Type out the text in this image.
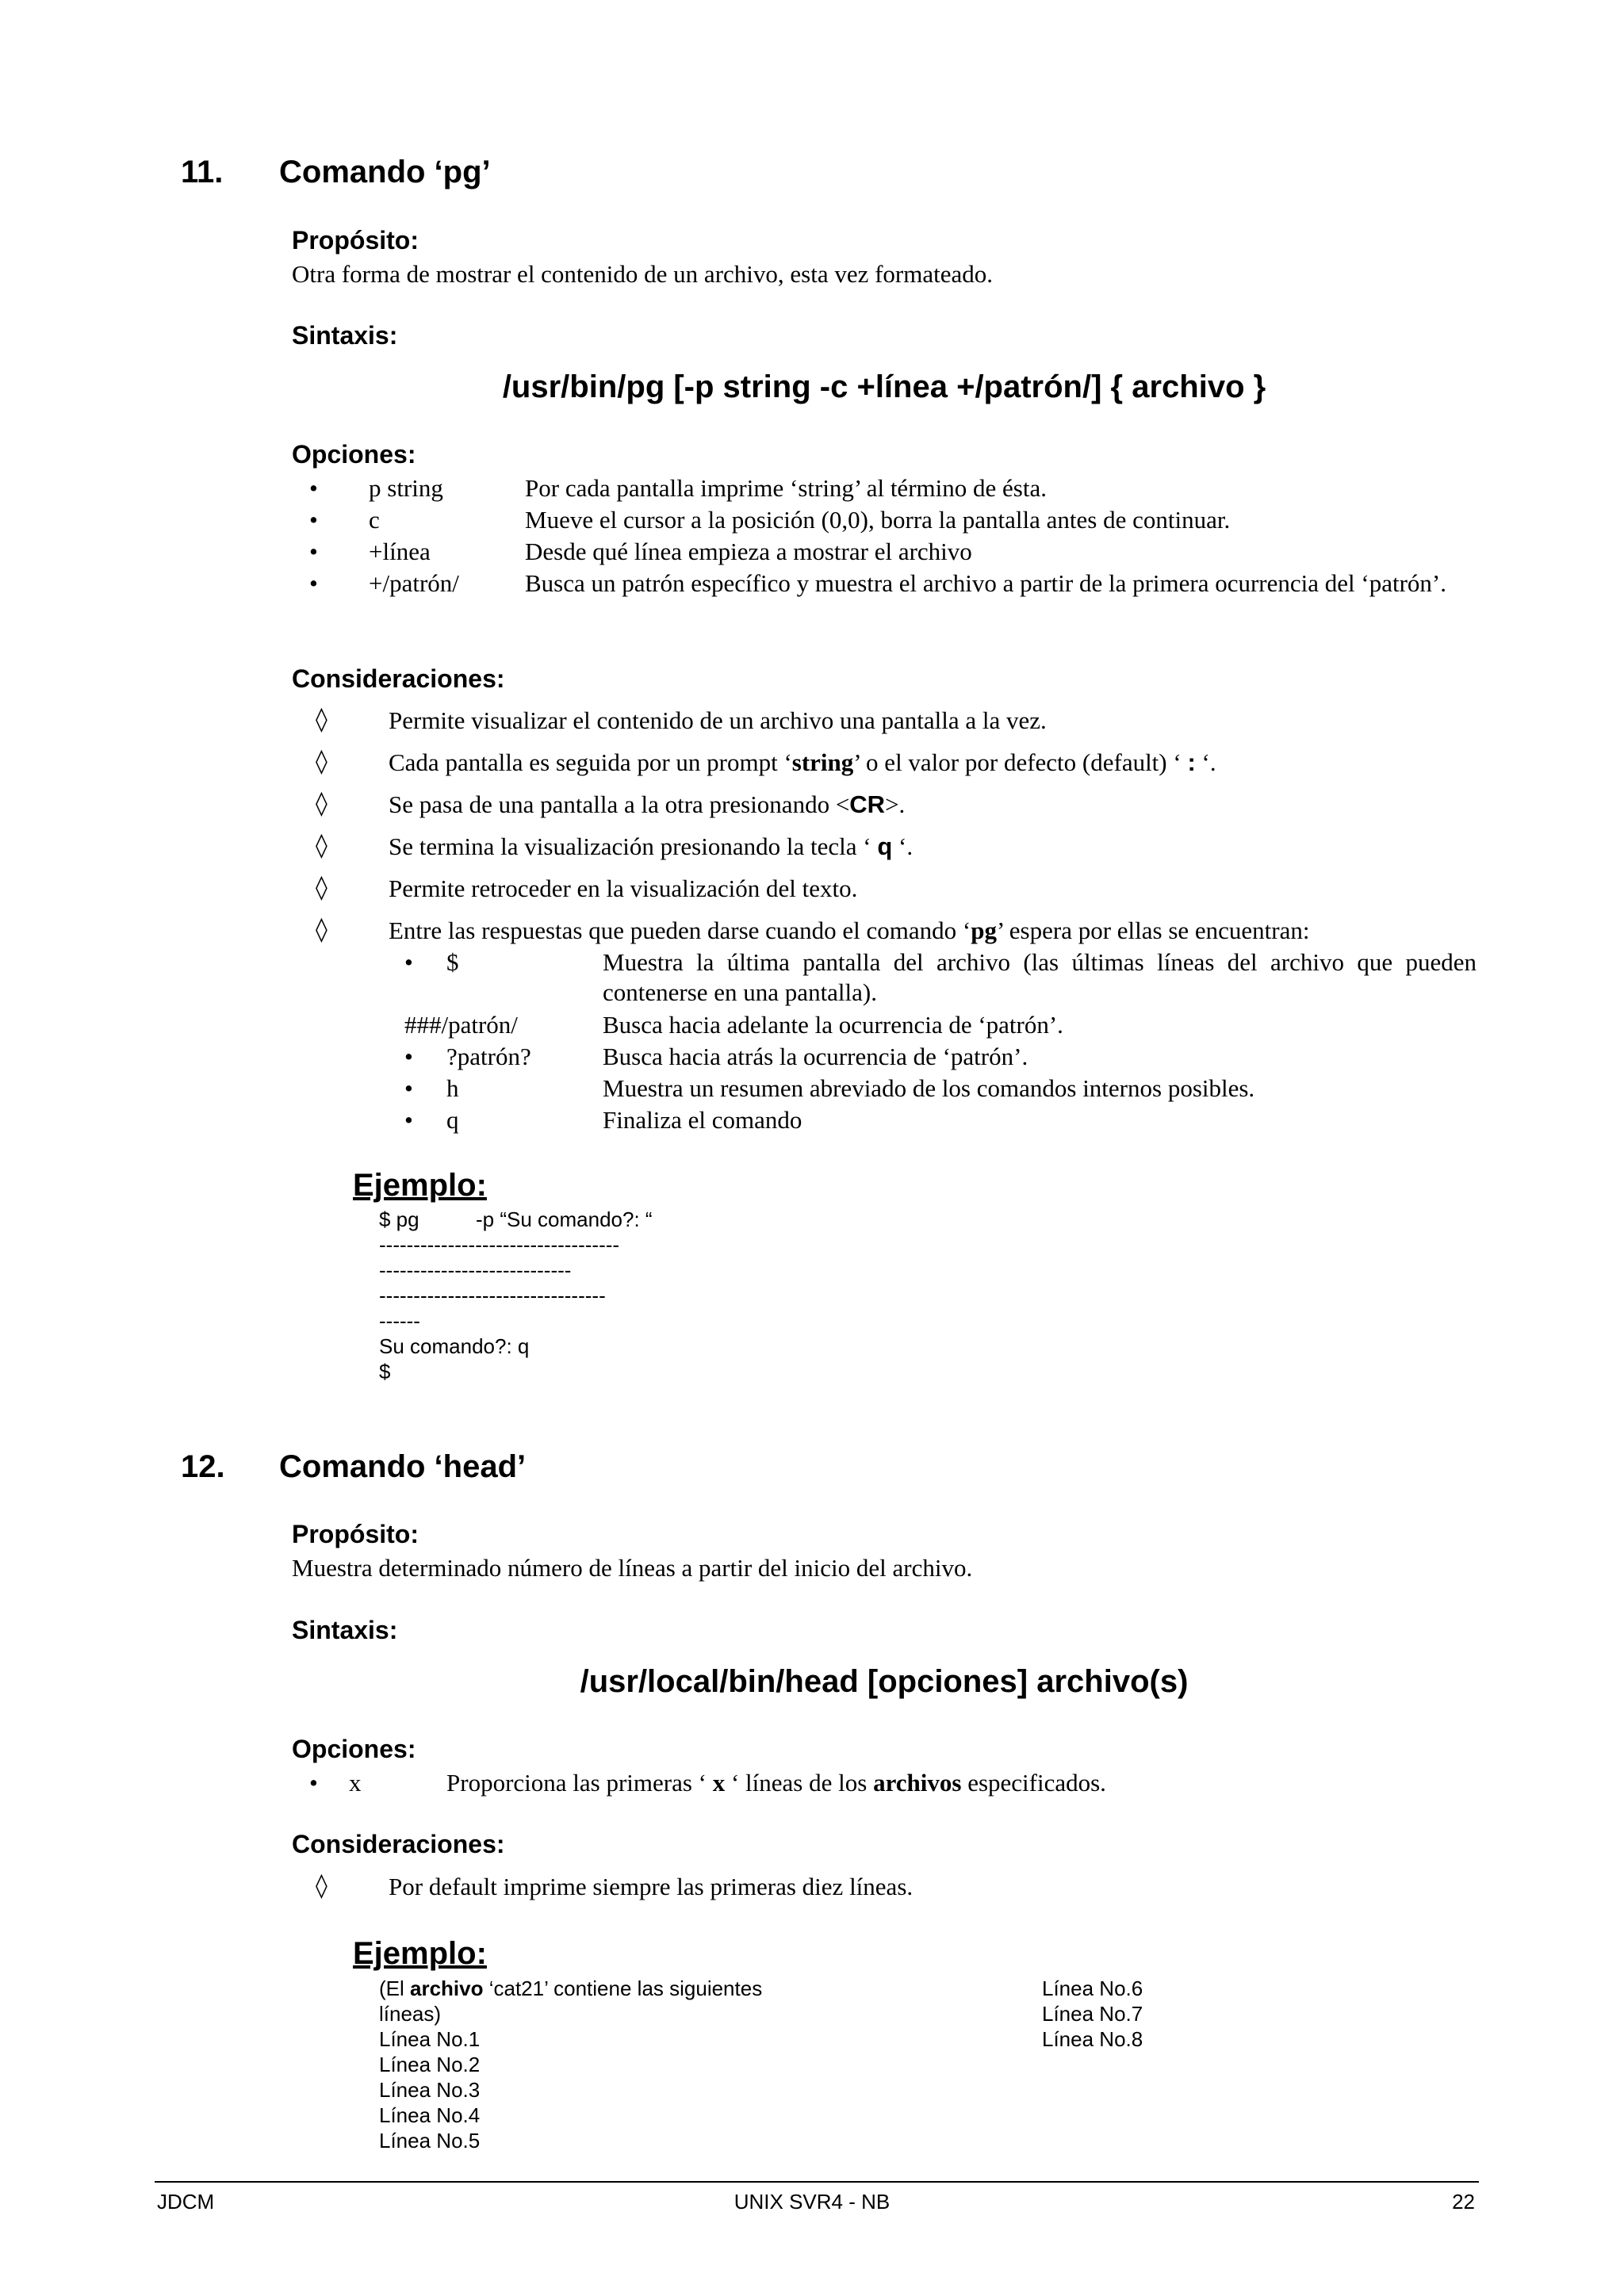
11. Comando ‘pg’
Propósito:
Otra forma de mostrar el contenido de un archivo, esta vez formateado.
Sintaxis:
/usr/bin/pg [-p string -c +línea +/patrón/] { archivo }
Opciones:
• p string	Por cada pantalla imprime ‘string’ al término de ésta.
• c	Mueve el cursor a la posición (0,0), borra la pantalla antes de continuar.
• +línea	Desde qué línea empieza a mostrar el archivo
• +/patrón/	Busca un patrón específico y muestra el archivo a partir de la primera ocurrencia del ‘patrón’.
Consideraciones:
◊ Permite visualizar el contenido de un archivo una pantalla a la vez.
◊ Cada pantalla es seguida por un prompt ‘string’ o el valor por defecto (default) ‘ : ‘.
◊ Se pasa de una pantalla a la otra presionando <CR>.
◊ Se termina la visualización presionando la tecla ‘ q ‘.
◊ Permite retroceder en la visualización del texto.
◊ Entre las respuestas que pueden darse cuando el comando ‘pg’ espera por ellas se encuentran:
• $	Muestra la última pantalla del archivo (las últimas líneas del archivo que pueden contenerse en una pantalla).
###/patrón/	Busca hacia adelante la ocurrencia de ‘patrón’.
• ?patrón?	Busca hacia atrás la ocurrencia de ‘patrón’.
• h	Muestra un resumen abreviado de los comandos internos posibles.
• q	Finaliza el comando
Ejemplo:
$ pg	-p “Su comando?: “
-----------------------------------
----------------------------
---------------------------------
------
Su comando?: q
$
12. Comando ‘head’
Propósito:
Muestra determinado número de líneas a partir del inicio del archivo.
Sintaxis:
/usr/local/bin/head [opciones] archivo(s)
Opciones:
• x	Proporciona las primeras ‘ x ‘ líneas de los archivos especificados.
Consideraciones:
◊ Por default imprime siempre las primeras diez líneas.
Ejemplo:
(El archivo ‘cat21’ contiene las siguientes
líneas)
Línea No.1
Línea No.2
Línea No.3
Línea No.4
Línea No.5
Línea No.6
Línea No.7
Línea No.8
JDCM	UNIX SVR4 - NB	22
